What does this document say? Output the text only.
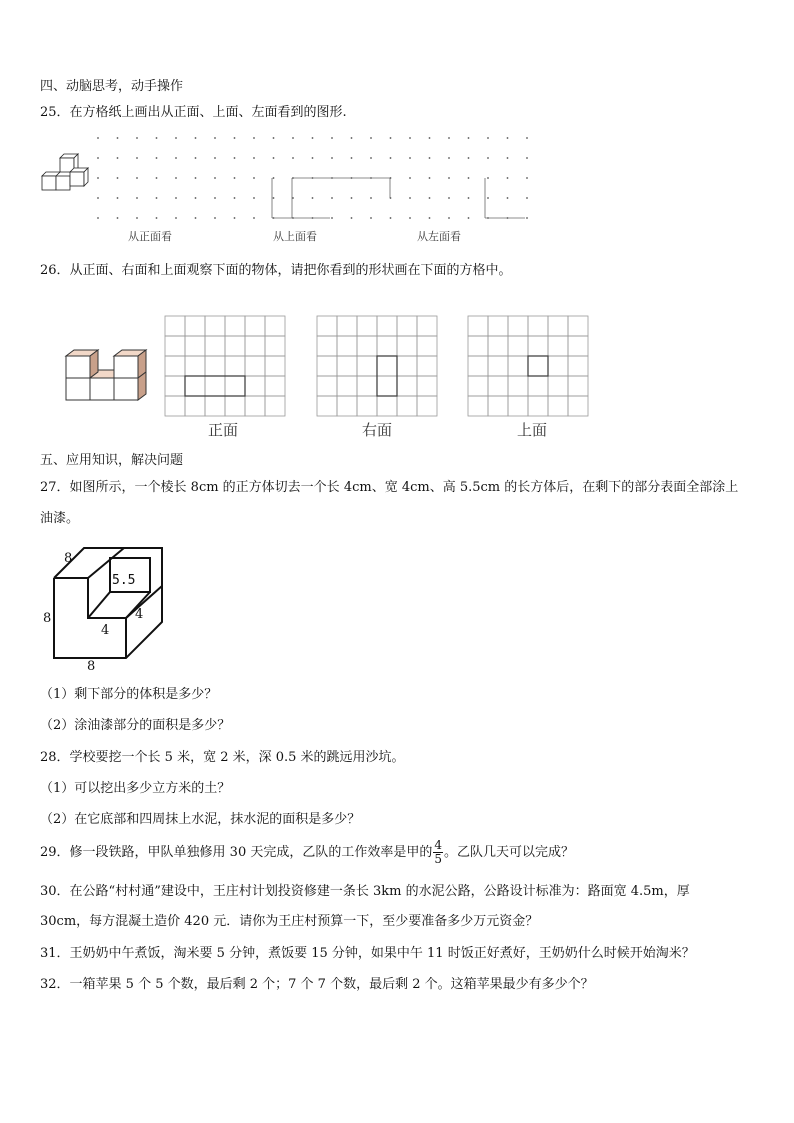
四、动脑思考，动手操作
25．在方格纸上画出从正面、上面、左面看到的图形.
从正面看	从上面看	从左面看
26．从正面、右面和上面观察下面的物体，请把你看到的形状画在下面的方格中。
正面	右面	上面
五、应用知识，解决问题
27．如图所示，一个棱长 8cm 的正方体切去一个长 4cm、宽 4cm、高 5.5cm 的长方体后，在剩下的部分表面全部涂上
油漆。
8
8
8
5.5
4
4
（1）剩下部分的体积是多少？
（2）涂油漆部分的面积是多少？
28．学校要挖一个长 5 米，宽 2 米，深 0.5 米的跳远用沙坑。
（1）可以挖出多少立方米的土？
（2）在它底部和四周抹上水泥，抹水泥的面积是多少？
29．修一段铁路，甲队单独修用 30 天完成，乙队的工作效率是甲的 $\frac{4}{5}$ 。乙队几天可以完成？
30．在公路“村村通”建设中，王庄村计划投资修建一条长 3km 的水泥公路，公路设计标准为：路面宽 4.5m，厚
30cm，每方混凝土造价 420 元．请你为王庄村预算一下，至少要准备多少万元资金？
31．王奶奶中午煮饭，淘米要 5 分钟，煮饭要 15 分钟，如果中午 11 时饭正好煮好，王奶奶什么时候开始淘米？
32．一箱苹果 5 个 5 个数，最后剩 2 个；7 个 7 个数，最后剩 2 个。这箱苹果最少有多少个？
